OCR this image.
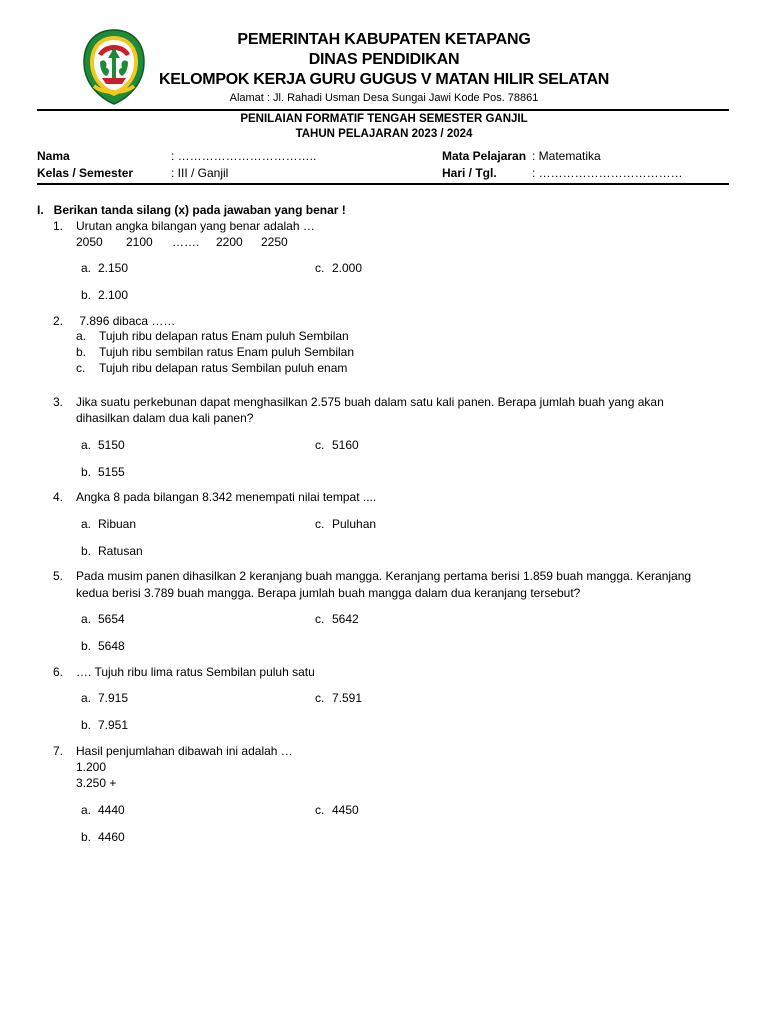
PEMERINTAH KABUPATEN KETAPANG
DINAS PENDIDIKAN
KELOMPOK KERJA GURU GUGUS V MATAN HILIR SELATAN
Alamat : Jl. Rahadi Usman Desa Sungai Jawi Kode Pos. 78861
PENILAIAN FORMATIF TENGAH SEMESTER GANJIL
TAHUN PELAJARAN 2023 / 2024
Nama	: ……………………………..
Kelas / Semester	: III / Ganjil
Mata Pelajaran : Matematika
Hari / Tgl.	: ………………………………
I.   Berikan tanda silang (x) pada jawaban yang benar !
1.	Urutan angka bilangan yang benar adalah …
2050 2100 ……. 2200 2250
a. 2.150	c. 2.000
b. 2.100
2.	7.896 dibaca ……
a. Tujuh ribu delapan ratus Enam puluh Sembilan
b. Tujuh ribu sembilan ratus Enam puluh Sembilan
c. Tujuh ribu delapan ratus Sembilan puluh enam
3.	Jika suatu perkebunan dapat menghasilkan 2.575 buah dalam satu kali panen. Berapa jumlah buah yang akan
dihasilkan dalam dua kali panen?
a. 5150	c. 5160
b. 5155
4.	Angka 8 pada bilangan 8.342 menempati nilai tempat ....
a. Ribuan	c. Puluhan
b. Ratusan
5.	Pada musim panen dihasilkan 2 keranjang buah mangga. Keranjang pertama berisi 1.859 buah mangga. Keranjang
kedua berisi 3.789 buah mangga. Berapa jumlah buah mangga dalam dua keranjang tersebut?
a. 5654	c. 5642
b. 5648
6.	…. Tujuh ribu lima ratus Sembilan puluh satu
a. 7.915	c. 7.591
b. 7.951
7.	Hasil penjumlahan dibawah ini adalah …
1.200
3.250 +
a. 4440	c. 4450
b. 4460
